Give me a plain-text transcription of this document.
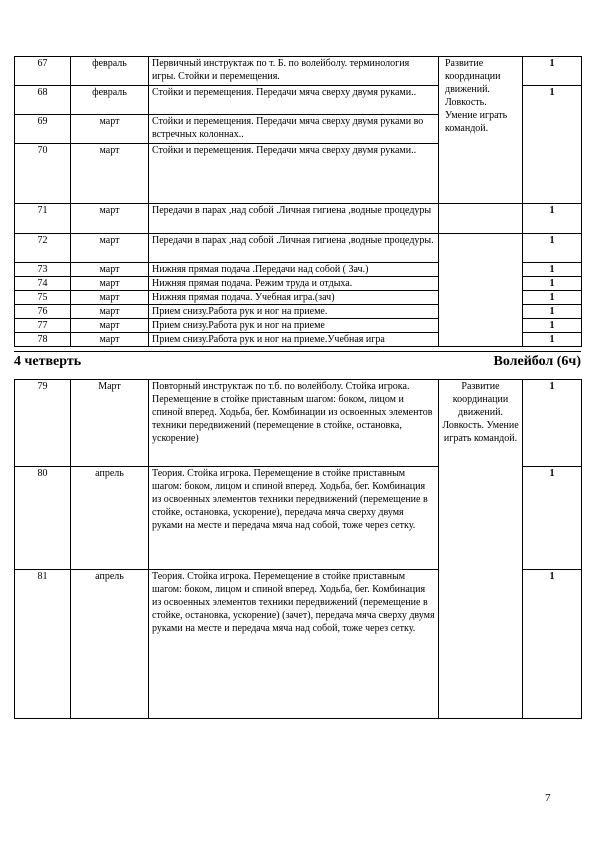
67	февраль	Первичный инструктаж по т. Б. по волейболу. терминология игры. Стойки и перемещения.	Развитие координации движений. Ловкость. Умение играть командой.	1
68	февраль	Стойки и перемещения. Передачи мяча сверху двумя руками..		1
69	март	Стойки и перемещения. Передачи мяча сверху двумя руками во встречных колоннах..		
70	март	Стойки и перемещения. Передачи мяча сверху двумя руками..		
71	март	Передачи в парах ,над собой .Личная гигиена ,водные процедуры		1
72	март	Передачи в парах ,над собой .Личная гигиена ,водные процедуры.		1
73	март	Нижняя прямая подача .Передачи над собой ( Зач.)		1
74	март	Нижняя прямая подача. Режим труда и отдыха.		1
75	март	Нижняя прямая подача. Учебная игра.(зач)		1
76	март	Прием снизу.Работа рук и ног на приеме.		1
77	март	Прием снизу.Работа рук и ног на приеме		1
78	март	Прием снизу.Работа рук и ног на приеме.Учебная игра		1
4 четверть	Волейбол (6ч)
79	Март	Повторный инструктаж по т.б. по волейболу. Стойка игрока. Перемещение в стойке приставным шагом: боком, лицом и спиной вперед. Ходьба, бег. Комбинации из освоенных элементов техники передвижений (перемещение в стойке, остановка, ускорение)	Развитие координации движений. Ловкость. Умение играть командой.	1
80	апрель	Теория. Стойка игрока. Перемещение в стойке приставным шагом: боком, лицом и спиной вперед. Ходьба, бег. Комбинация из освоенных элементов техники передвижений (перемещение в стойке, остановка, ускорение), передача мяча сверху двумя руками на месте и передача мяча над собой, тоже через сетку.		1
81	апрель	Теория. Стойка игрока. Перемещение в стойке приставным шагом: боком, лицом и спиной вперед. Ходьба, бег. Комбинация из освоенных элементов техники передвижений (перемещение в стойке, остановка, ускорение) (зачет), передача мяча сверху двумя руками на месте и передача мяча над собой, тоже через сетку.		1
7
